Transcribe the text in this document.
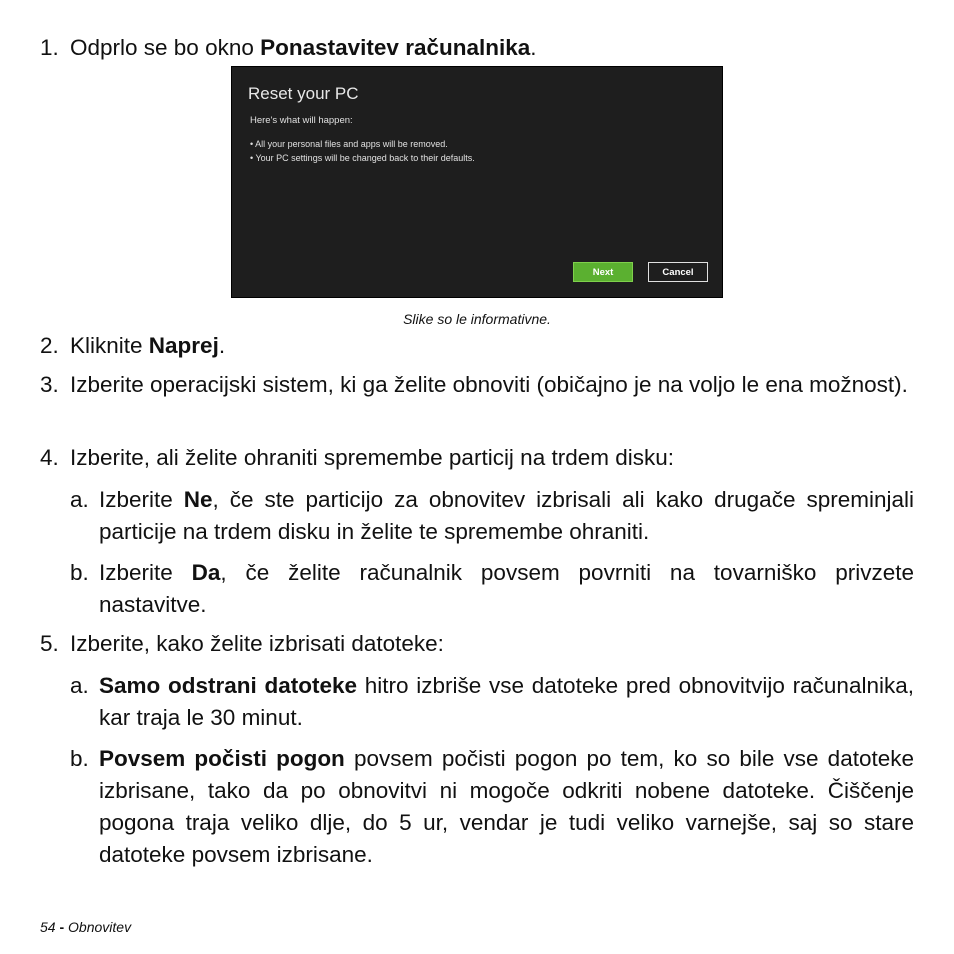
1. Odprlo se bo okno Ponastavitev računalnika.
Reset your PC
Here's what will happen:
• All your personal files and apps will be removed.
• Your PC settings will be changed back to their defaults.
Next	Cancel
Slike so le informativne.
2. Kliknite Naprej.
3. Izberite operacijski sistem, ki ga želite obnoviti (običajno je na voljo le ena možnost).
4. Izberite, ali želite ohraniti spremembe particij na trdem disku:
a. Izberite Ne, če ste particijo za obnovitev izbrisali ali kako drugače spreminjali particije na trdem disku in želite te spremembe ohraniti.
b. Izberite Da, če želite računalnik povsem povrniti na tovarniško privzete nastavitve.
5. Izberite, kako želite izbrisati datoteke:
a. Samo odstrani datoteke hitro izbriše vse datoteke pred obnovitvijo računalnika, kar traja le 30 minut.
b. Povsem počisti pogon povsem počisti pogon po tem, ko so bile vse datoteke izbrisane, tako da po obnovitvi ni mogoče odkriti nobene datoteke. Čiščenje pogona traja veliko dlje, do 5 ur, vendar je tudi veliko varnejše, saj so stare datoteke povsem izbrisane.
54 - Obnovitev
